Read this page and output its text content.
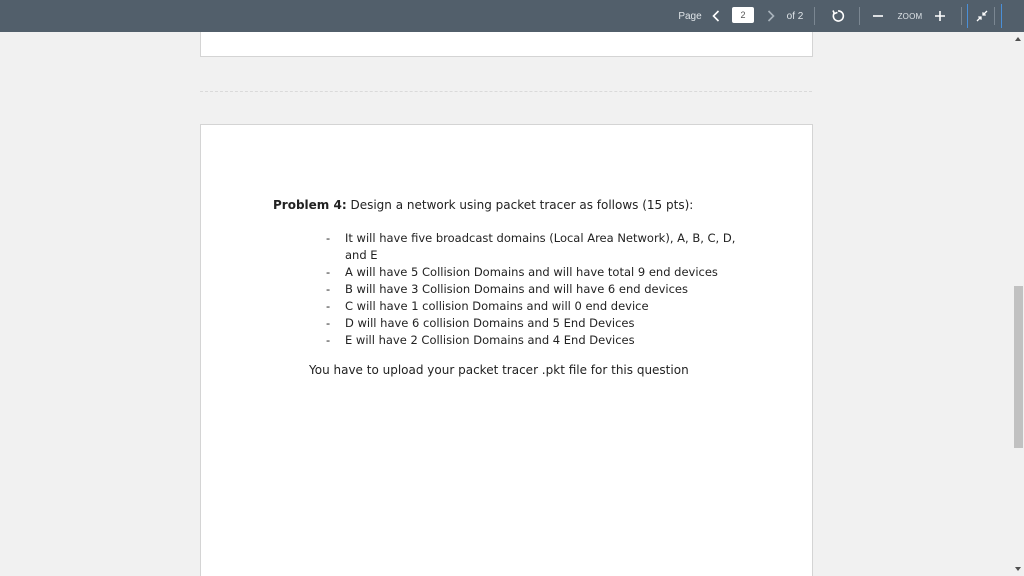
Page
2	of 2	ZOOM
Problem 4: Design a network using packet tracer as follows (15 pts):
- It will have five broadcast domains (Local Area Network), A, B, C, D, and E
- A will have 5 Collision Domains and will have total 9 end devices
- B will have 3 Collision Domains and will have 6 end devices
- C will have 1 collision Domains and will 0 end device
- D will have 6 collision Domains and 5 End Devices
- E will have 2 Collision Domains and 4 End Devices
You have to upload your packet tracer .pkt file for this question
